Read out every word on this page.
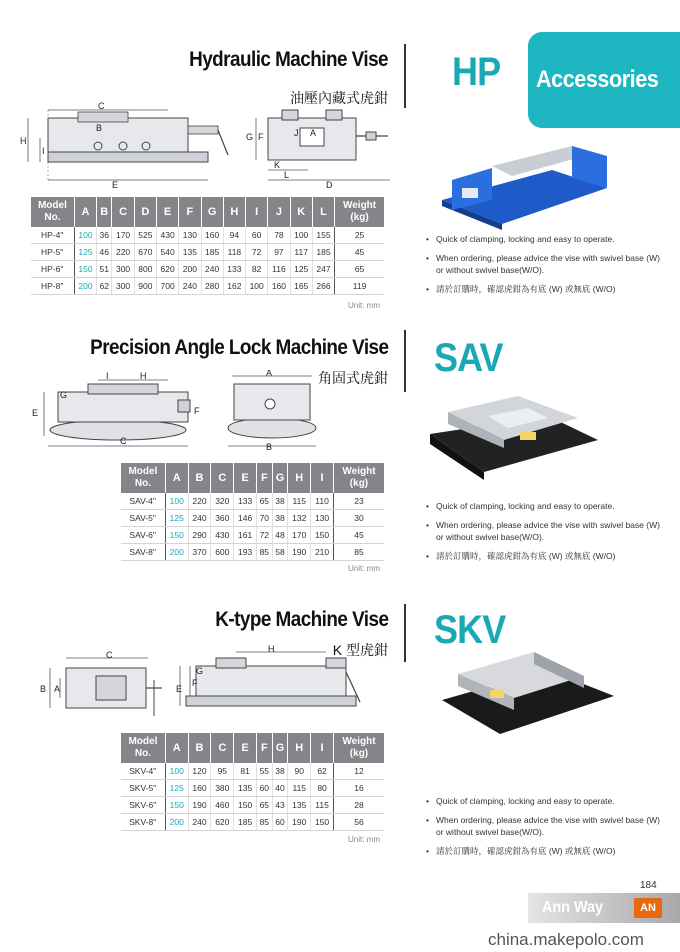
Accessories
Hydraulic Machine Vise
油壓內藏式虎鉗
HP
C
B
H
I
E
G F	J A
K
L
D
Model
No.	A	B	C	D	E	F	G	H	I	J	K	L	Weight
(kg)
HP-4"	100	36	170	525	430	130	160	94	60	78	100	155	25
HP-5"	125	46	220	670	540	135	185	118	72	97	117	185	45
HP-6"	150	51	300	800	620	200	240	133	82	116	125	247	65
HP-8"	200	62	300	900	700	240	280	162	100	160	165	266	119
Unit: mm
• Quick of clamping, locking and easy to operate.
• When ordering, please advice the vise with swivel base (W) or without swivel base(W/O).
• 請於訂購時，確認虎鉗為有底 (W) 或無底 (W/O)
Precision Angle Lock Machine Vise
角固式虎鉗 SAV
I	H
G
E	F
C
A
B
Model
No.	A	B	C	E	F	G	H	I	Weight
(kg)
SAV-4"	100	220	320	133	65	38	115	110	23
SAV-5"	125	240	360	146	70	38	132	130	30
SAV-6"	150	290	430	161	72	48	170	150	45
SAV-8"	200	370	600	193	85	58	190	210	85
Unit: mm
• Quick of clamping, locking and easy to operate.
• When ordering, please advice the vise with swivel base (W) or without swivel base(W/O).
• 請於訂購時，確認虎鉗為有底 (W) 或無底 (W/O)
K-type Machine Vise
K 型虎鉗 SKV
C
B A
H
G
F
E
Model
No.	A	B	C	E	F	G	H	I	Weight
(kg)
SKV-4"	100	120	95	81	55	38	90	62	12
SKV-5"	125	160	380	135	60	40	115	80	16
SKV-6"	150	190	460	150	65	43	135	115	28
SKV-8"	200	240	620	185	85	60	190	150	56
Unit: mm
• Quick of clamping, locking and easy to operate.
• When ordering, please advice the vise with swivel base (W) or without swivel base(W/O).
• 請於訂購時，確認虎鉗為有底 (W) 或無底 (W/O)
184
Ann Way	AN
china.makepolo.com
